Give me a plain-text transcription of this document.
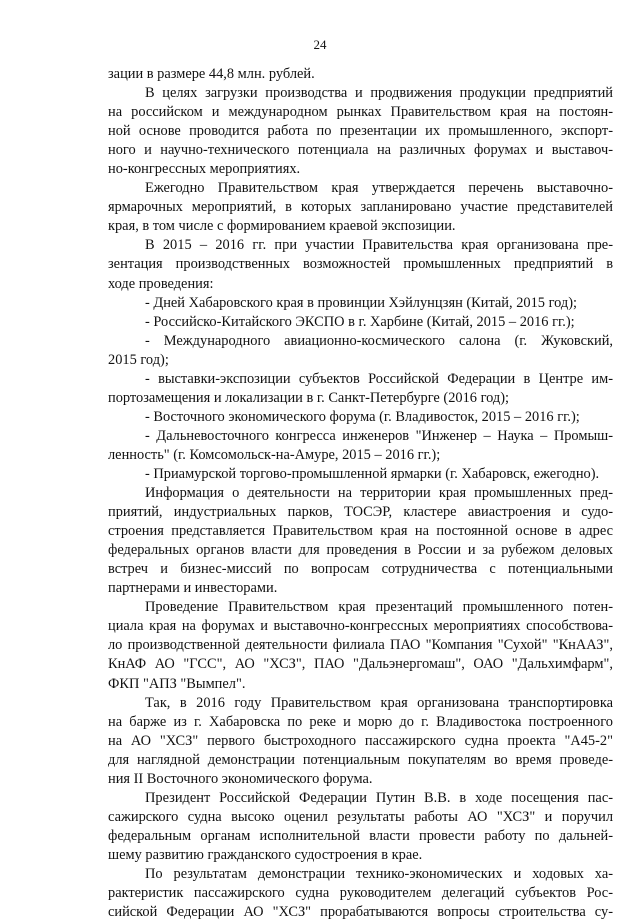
24
зации в размере 44,8 млн. рублей.
В целях загрузки производства и продвижения продукции предприятий
на российском и международном рынках Правительством края на постоян-
ной основе проводится работа по презентации их промышленного, экспорт-
ного и научно-технического потенциала на различных форумах и выставоч-
но-конгрессных мероприятиях.
Ежегодно Правительством края утверждается перечень выставочно-
ярмарочных мероприятий, в которых запланировано участие представителей
края, в том числе с формированием краевой экспозиции.
В 2015 – 2016 гг. при участии Правительства края организована пре-
зентация производственных возможностей промышленных предприятий в
ходе проведения:
- Дней Хабаровского края в провинции Хэйлунцзян (Китай, 2015 год);
- Российско-Китайского ЭКСПО в г. Харбине (Китай, 2015 – 2016 гг.);
- Международного авиационно-космического салона (г. Жуковский,
2015 год);
- выставки-экспозиции субъектов Российской Федерации в Центре им-
портозамещения и локализации в г. Санкт-Петербурге (2016 год);
- Восточного экономического форума (г. Владивосток, 2015 – 2016 гг.);
- Дальневосточного конгресса инженеров "Инженер – Наука – Промыш-
ленность" (г. Комсомольск-на-Амуре, 2015 – 2016 гг.);
- Приамурской торгово-промышленной ярмарки (г. Хабаровск, ежегодно).
Информация о деятельности на территории края промышленных пред-
приятий, индустриальных парков, ТОСЭР, кластере авиастроения и судо-
строения представляется Правительством края на постоянной основе в адрес
федеральных органов власти для проведения в России и за рубежом деловых
встреч и бизнес-миссий по вопросам сотрудничества с потенциальными
партнерами и инвесторами.
Проведение Правительством края презентаций промышленного потен-
циала края на форумах и выставочно-конгрессных мероприятиях способствова-
ло производственной деятельности филиала ПАО "Компания "Сухой" "КнААЗ",
КнАФ АО "ГСС", АО "ХСЗ", ПАО "Дальэнергомаш", ОАО "Дальхимфарм",
ФКП "АПЗ "Вымпел".
Так, в 2016 году Правительством края организована транспортировка
на барже из г. Хабаровска по реке и морю до г. Владивостока построенного
на АО "ХСЗ" первого быстроходного пассажирского судна проекта "А45-2"
для наглядной демонстрации потенциальным покупателям во время проведе-
ния II Восточного экономического форума.
Президент Российской Федерации Путин В.В. в ходе посещения пас-
сажирского судна высоко оценил результаты работы АО "ХСЗ" и поручил
федеральным органам исполнительной власти провести работу по дальней-
шему развитию гражданского судостроения в крае.
По результатам демонстрации технико-экономических и ходовых ха-
рактеристик пассажирского судна руководителем делегаций субъектов Рос-
сийской Федерации АО "ХСЗ" прорабатываются вопросы строительства су-
